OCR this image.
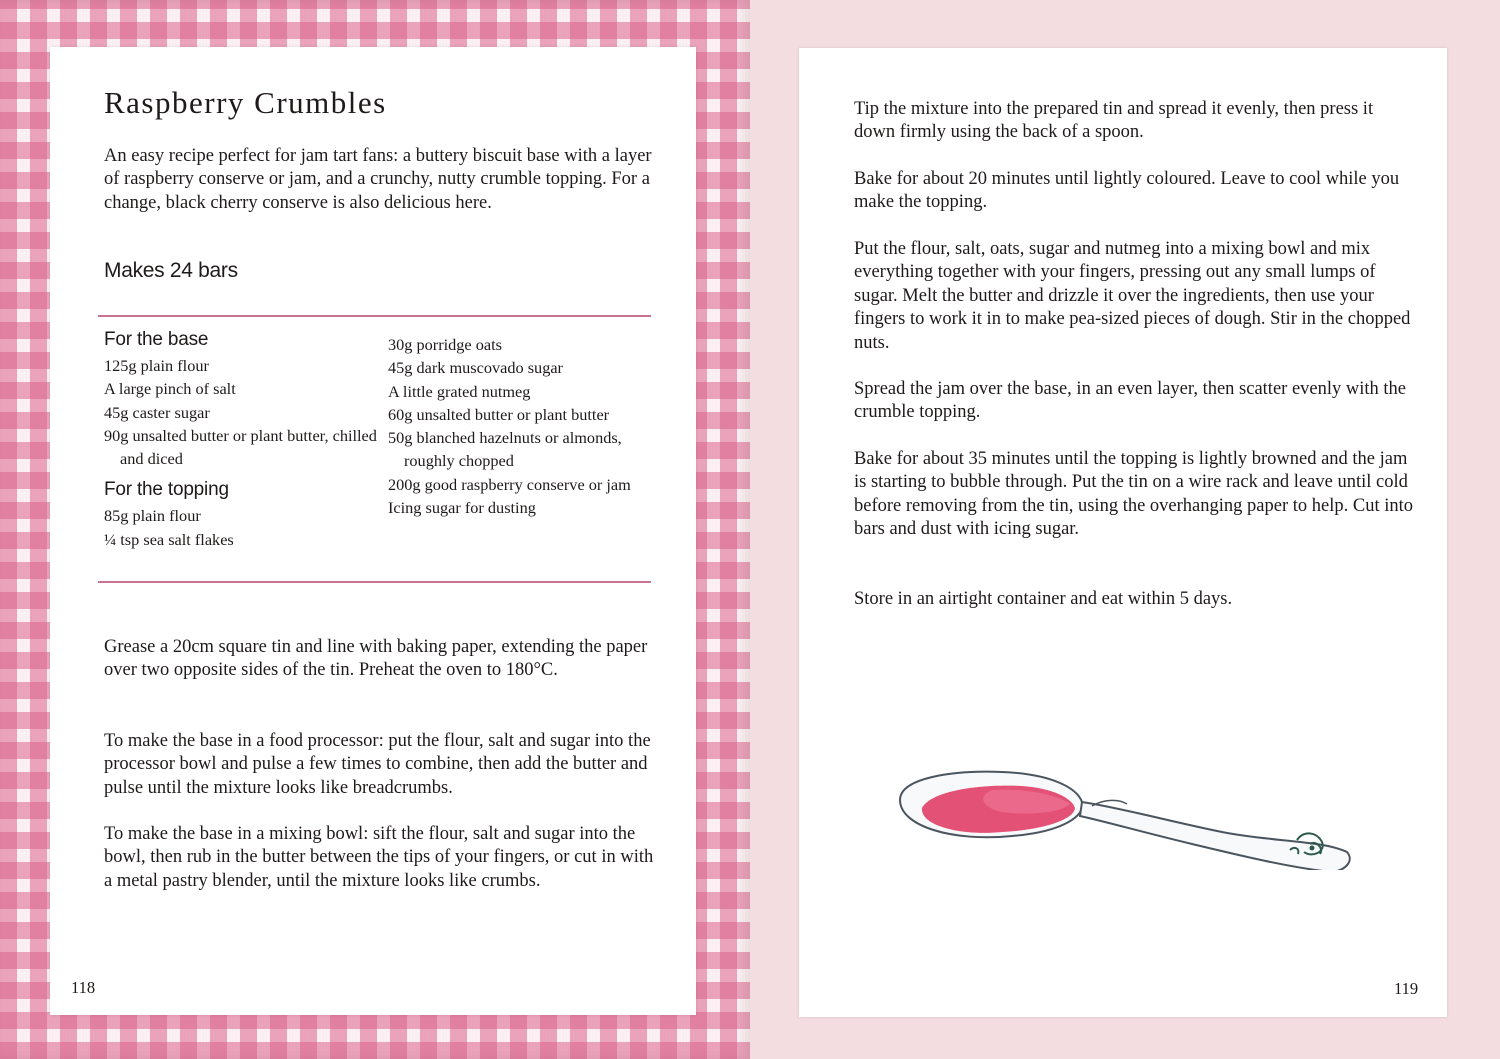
Raspberry Crumbles

An easy recipe perfect for jam tart fans: a buttery biscuit base with a layer of raspberry conserve or jam, and a crunchy, nutty crumble topping. For a change, black cherry conserve is also delicious here.

Makes 24 bars
For the base
125g plain flour
A large pinch of salt
45g caster sugar
90g unsalted butter or plant butter, chilled and diced
For the topping
85g plain flour
¼ tsp sea salt flakes
30g porridge oats
45g dark muscovado sugar
A little grated nutmeg
60g unsalted butter or plant butter
50g blanched hazelnuts or almonds, roughly chopped
200g good raspberry conserve or jam
Icing sugar for dusting

Grease a 20cm square tin and line with baking paper, extending the paper over two opposite sides of the tin. Preheat the oven to 180°C.

To make the base in a food processor: put the flour, salt and sugar into the processor bowl and pulse a few times to combine, then add the butter and pulse until the mixture looks like breadcrumbs.

To make the base in a mixing bowl: sift the flour, salt and sugar into the bowl, then rub in the butter between the tips of your fingers, or cut in with a metal pastry blender, until the mixture looks like crumbs.

118

Tip the mixture into the prepared tin and spread it evenly, then press it down firmly using the back of a spoon.

Bake for about 20 minutes until lightly coloured. Leave to cool while you make the topping.

Put the flour, salt, oats, sugar and nutmeg into a mixing bowl and mix everything together with your fingers, pressing out any small lumps of sugar. Melt the butter and drizzle it over the ingredients, then use your fingers to work it in to make pea-sized pieces of dough. Stir in the chopped nuts.

Spread the jam over the base, in an even layer, then scatter evenly with the crumble topping.

Bake for about 35 minutes until the topping is lightly browned and the jam is starting to bubble through. Put the tin on a wire rack and leave until cold before removing from the tin, using the overhanging paper to help. Cut into bars and dust with icing sugar.

Store in an airtight container and eat within 5 days.

119
